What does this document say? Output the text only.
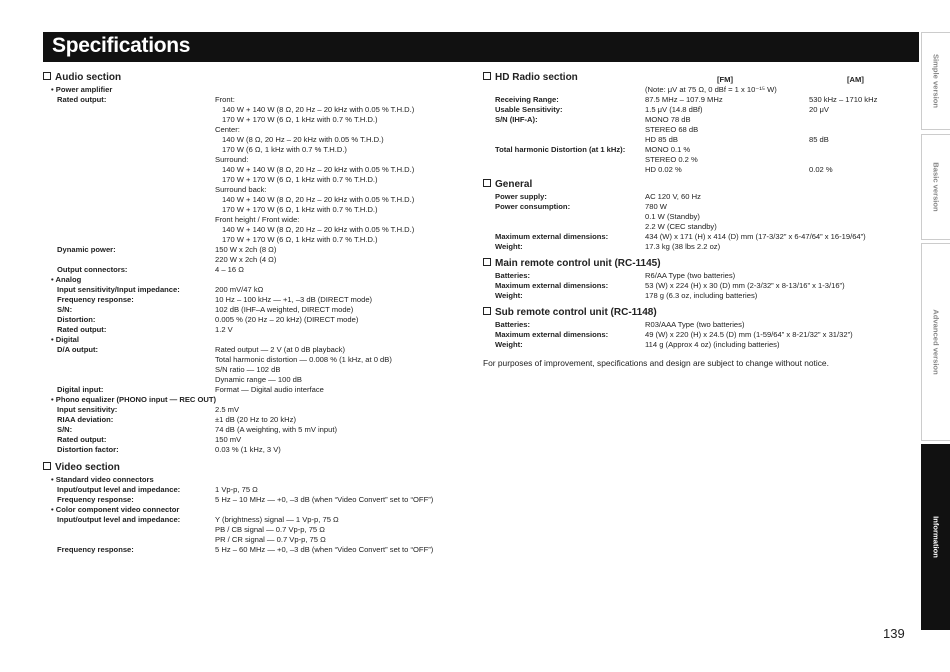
Specifications
Audio section
• Power amplifier
Rated output:	Front:
140 W + 140 W (8 Ω, 20 Hz – 20 kHz with 0.05 % T.H.D.)
170 W + 170 W (6 Ω, 1 kHz with 0.7 % T.H.D.)
Center:
140 W (8 Ω, 20 Hz – 20 kHz with 0.05 % T.H.D.)
170 W (6 Ω, 1 kHz with 0.7 % T.H.D.)
Surround:
140 W + 140 W (8 Ω, 20 Hz – 20 kHz with 0.05 % T.H.D.)
170 W + 170 W (6 Ω, 1 kHz with 0.7 % T.H.D.)
Surround back:
140 W + 140 W (8 Ω, 20 Hz – 20 kHz with 0.05 % T.H.D.)
170 W + 170 W (6 Ω, 1 kHz with 0.7 % T.H.D.)
Front height / Front wide:
140 W + 140 W (8 Ω, 20 Hz – 20 kHz with 0.05 % T.H.D.)
170 W + 170 W (6 Ω, 1 kHz with 0.7 % T.H.D.)
Dynamic power:	150 W x 2ch (8 Ω)
220 W x 2ch (4 Ω)
Output connectors:	4 – 16 Ω
• Analog
Input sensitivity/Input impedance:	200 mV/47 kΩ
Frequency response:	10 Hz – 100 kHz — +1, –3 dB (DIRECT mode)
S/N:	102 dB (IHF–A weighted, DIRECT mode)
Distortion:	0.005 % (20 Hz – 20 kHz) (DIRECT mode)
Rated output:	1.2 V
• Digital
D/A output:	Rated output — 2 V (at 0 dB playback)
Total harmonic distortion — 0.008 % (1 kHz, at 0 dB)
S/N ratio — 102 dB
Dynamic range — 100 dB
Digital input:	Format — Digital audio interface
• Phono equalizer (PHONO input — REC OUT)
Input sensitivity:	2.5 mV
RIAA deviation:	±1 dB (20 Hz to 20 kHz)
S/N:	74 dB (A weighting, with 5 mV input)
Rated output:	150 mV
Distortion factor:	0.03 % (1 kHz, 3 V)
Video section
• Standard video connectors
Input/output level and impedance:	1 Vp-p, 75 Ω
Frequency response:	5 Hz – 10 MHz — +0, –3 dB (when “Video Convert” set to “OFF”)
• Color component video connector
Input/output level and impedance:	Y (brightness) signal — 1 Vp-p, 75 Ω
PB / CB signal — 0.7 Vp-p, 75 Ω
PR / CR signal — 0.7 Vp-p, 75 Ω
Frequency response:	5 Hz – 60 MHz — +0, –3 dB (when “Video Convert” set to “OFF”)
HD Radio section	[FM]	[AM]
(Note: μV at 75 Ω, 0 dBf = 1 x 10⁻¹⁵ W)
Receiving Range:	87.5 MHz – 107.9 MHz	530 kHz – 1710 kHz
Usable Sensitivity:	1.5 μV (14.8 dBf)	20 μV
S/N (IHF-A):	MONO 78 dB
STEREO 68 dB
HD 85 dB	85 dB
Total harmonic Distortion (at 1 kHz):	MONO 0.1 %
STEREO 0.2 %
HD 0.02 %	0.02 %
General
Power supply:	AC 120 V, 60 Hz
Power consumption:	780 W
0.1 W (Standby)
2.2 W (CEC standby)
Maximum external dimensions:	434 (W) x 171 (H) x 414 (D) mm (17-3/32” x 6-47/64” x 16-19/64”)
Weight:	17.3 kg (38 lbs 2.2 oz)
Main remote control unit (RC-1145)
Batteries:	R6/AA Type (two batteries)
Maximum external dimensions:	53 (W) x 224 (H) x 30 (D) mm (2-3/32” x 8-13/16” x 1-3/16”)
Weight:	178 g (6.3 oz, including batteries)
Sub remote control unit (RC-1148)
Batteries:	R03/AAA Type (two batteries)
Maximum external dimensions:	49 (W) x 220 (H) x 24.5 (D) mm (1-59/64” x 8-21/32” x 31/32”)
Weight:	114 g (Approx 4 oz) (including batteries)
For purposes of improvement, specifications and design are subject to change without notice.
Simple version
Basic version
Advanced version
Information
139
